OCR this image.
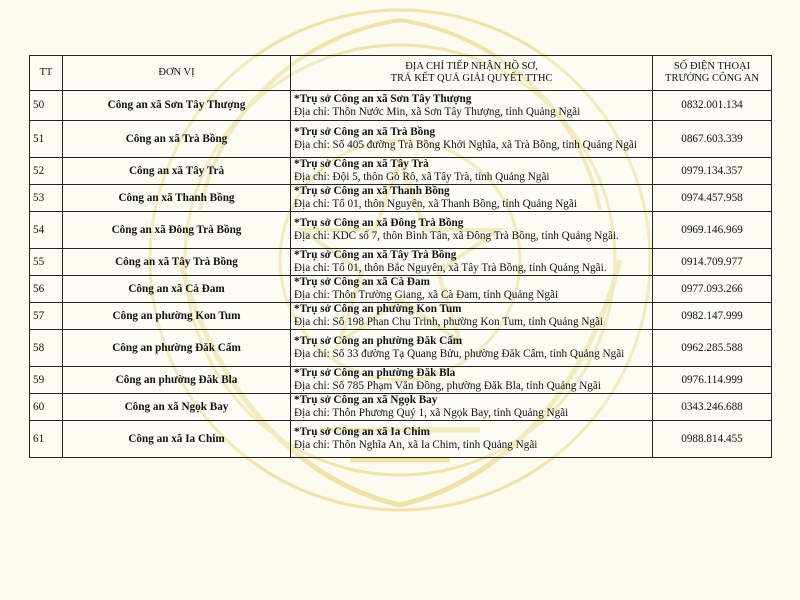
TT	ĐƠN VỊ	ĐỊA CHỈ TIẾP NHẬN HỒ SƠ,
TRẢ KẾT QUẢ GIẢI QUYẾT TTHC	SỐ ĐIỆN THOẠI
TRƯỞNG CÔNG AN
50	Công an xã Sơn Tây Thượng	*Trụ sở Công an xã Sơn Tây Thượng
Địa chỉ: Thôn Nước Min, xã Sơn Tây Thượng, tỉnh Quảng Ngãi	0832.001.134
51	Công an xã Trà Bồng	*Trụ sở Công an xã Trà Bồng
Địa chỉ: Số 405 đường Trà Bồng Khởi Nghĩa, xã Trà Bồng, tỉnh Quảng Ngãi	0867.603.339
52	Công an xã Tây Trà	*Trụ sở Công an xã Tây Trà
Địa chỉ: Đội 5, thôn Gò Rô, xã Tây Trà, tỉnh Quảng Ngãi	0979.134.357
53	Công an xã Thanh Bồng	*Trụ sở Công an xã Thanh Bồng
Địa chỉ: Tổ 01, thôn Nguyên, xã Thanh Bồng, tỉnh Quảng Ngãi	0974.457.958
54	Công an xã Đông Trà Bồng	*Trụ sở Công an xã Đông Trà Bồng
Địa chỉ: KDC số 7, thôn Bình Tân, xã Đông Trà Bồng, tỉnh Quảng Ngãi.	0969.146.969
55	Công an xã Tây Trà Bồng	*Trụ sở Công an xã Tây Trà Bồng
Địa chỉ: Tổ 01, thôn Bắc Nguyên, xã Tây Trà Bồng, tỉnh Quảng Ngãi.	0914.709.977
56	Công an xã Cà Đam	*Trụ sở Công an xã Cà Đam
Địa chỉ: Thôn Trường Giang, xã Cà Đam, tỉnh Quảng Ngãi	0977.093.266
57	Công an phường Kon Tum	*Trụ sở Công an phường Kon Tum
Địa chỉ: Số 198 Phan Chu Trinh, phường Kon Tum, tỉnh Quảng Ngãi	0982.147.999
58	Công an phường Đăk Cấm	*Trụ sở Công an phường Đăk Cấm
Địa chỉ: Số 33 đường Tạ Quang Bửu, phường Đăk Cấm, tỉnh Quảng Ngãi	0962.285.588
59	Công an phường Đăk Bla	*Trụ sở Công an phường Đăk Bla
Địa chỉ: Số 785 Phạm Văn Đồng, phường Đăk Bla, tỉnh Quảng Ngãi	0976.114.999
60	Công an xã Ngọk Bay	*Trụ sở Công an xã Ngọk Bay
Địa chỉ: Thôn Phương Quý 1, xã Ngọk Bay, tỉnh Quảng Ngãi	0343.246.688
61	Công an xã Ia Chim	*Trụ sở Công an xã Ia Chim
Địa chỉ: Thôn Nghĩa An, xã Ia Chim, tỉnh Quảng Ngãi	0988.814.455
